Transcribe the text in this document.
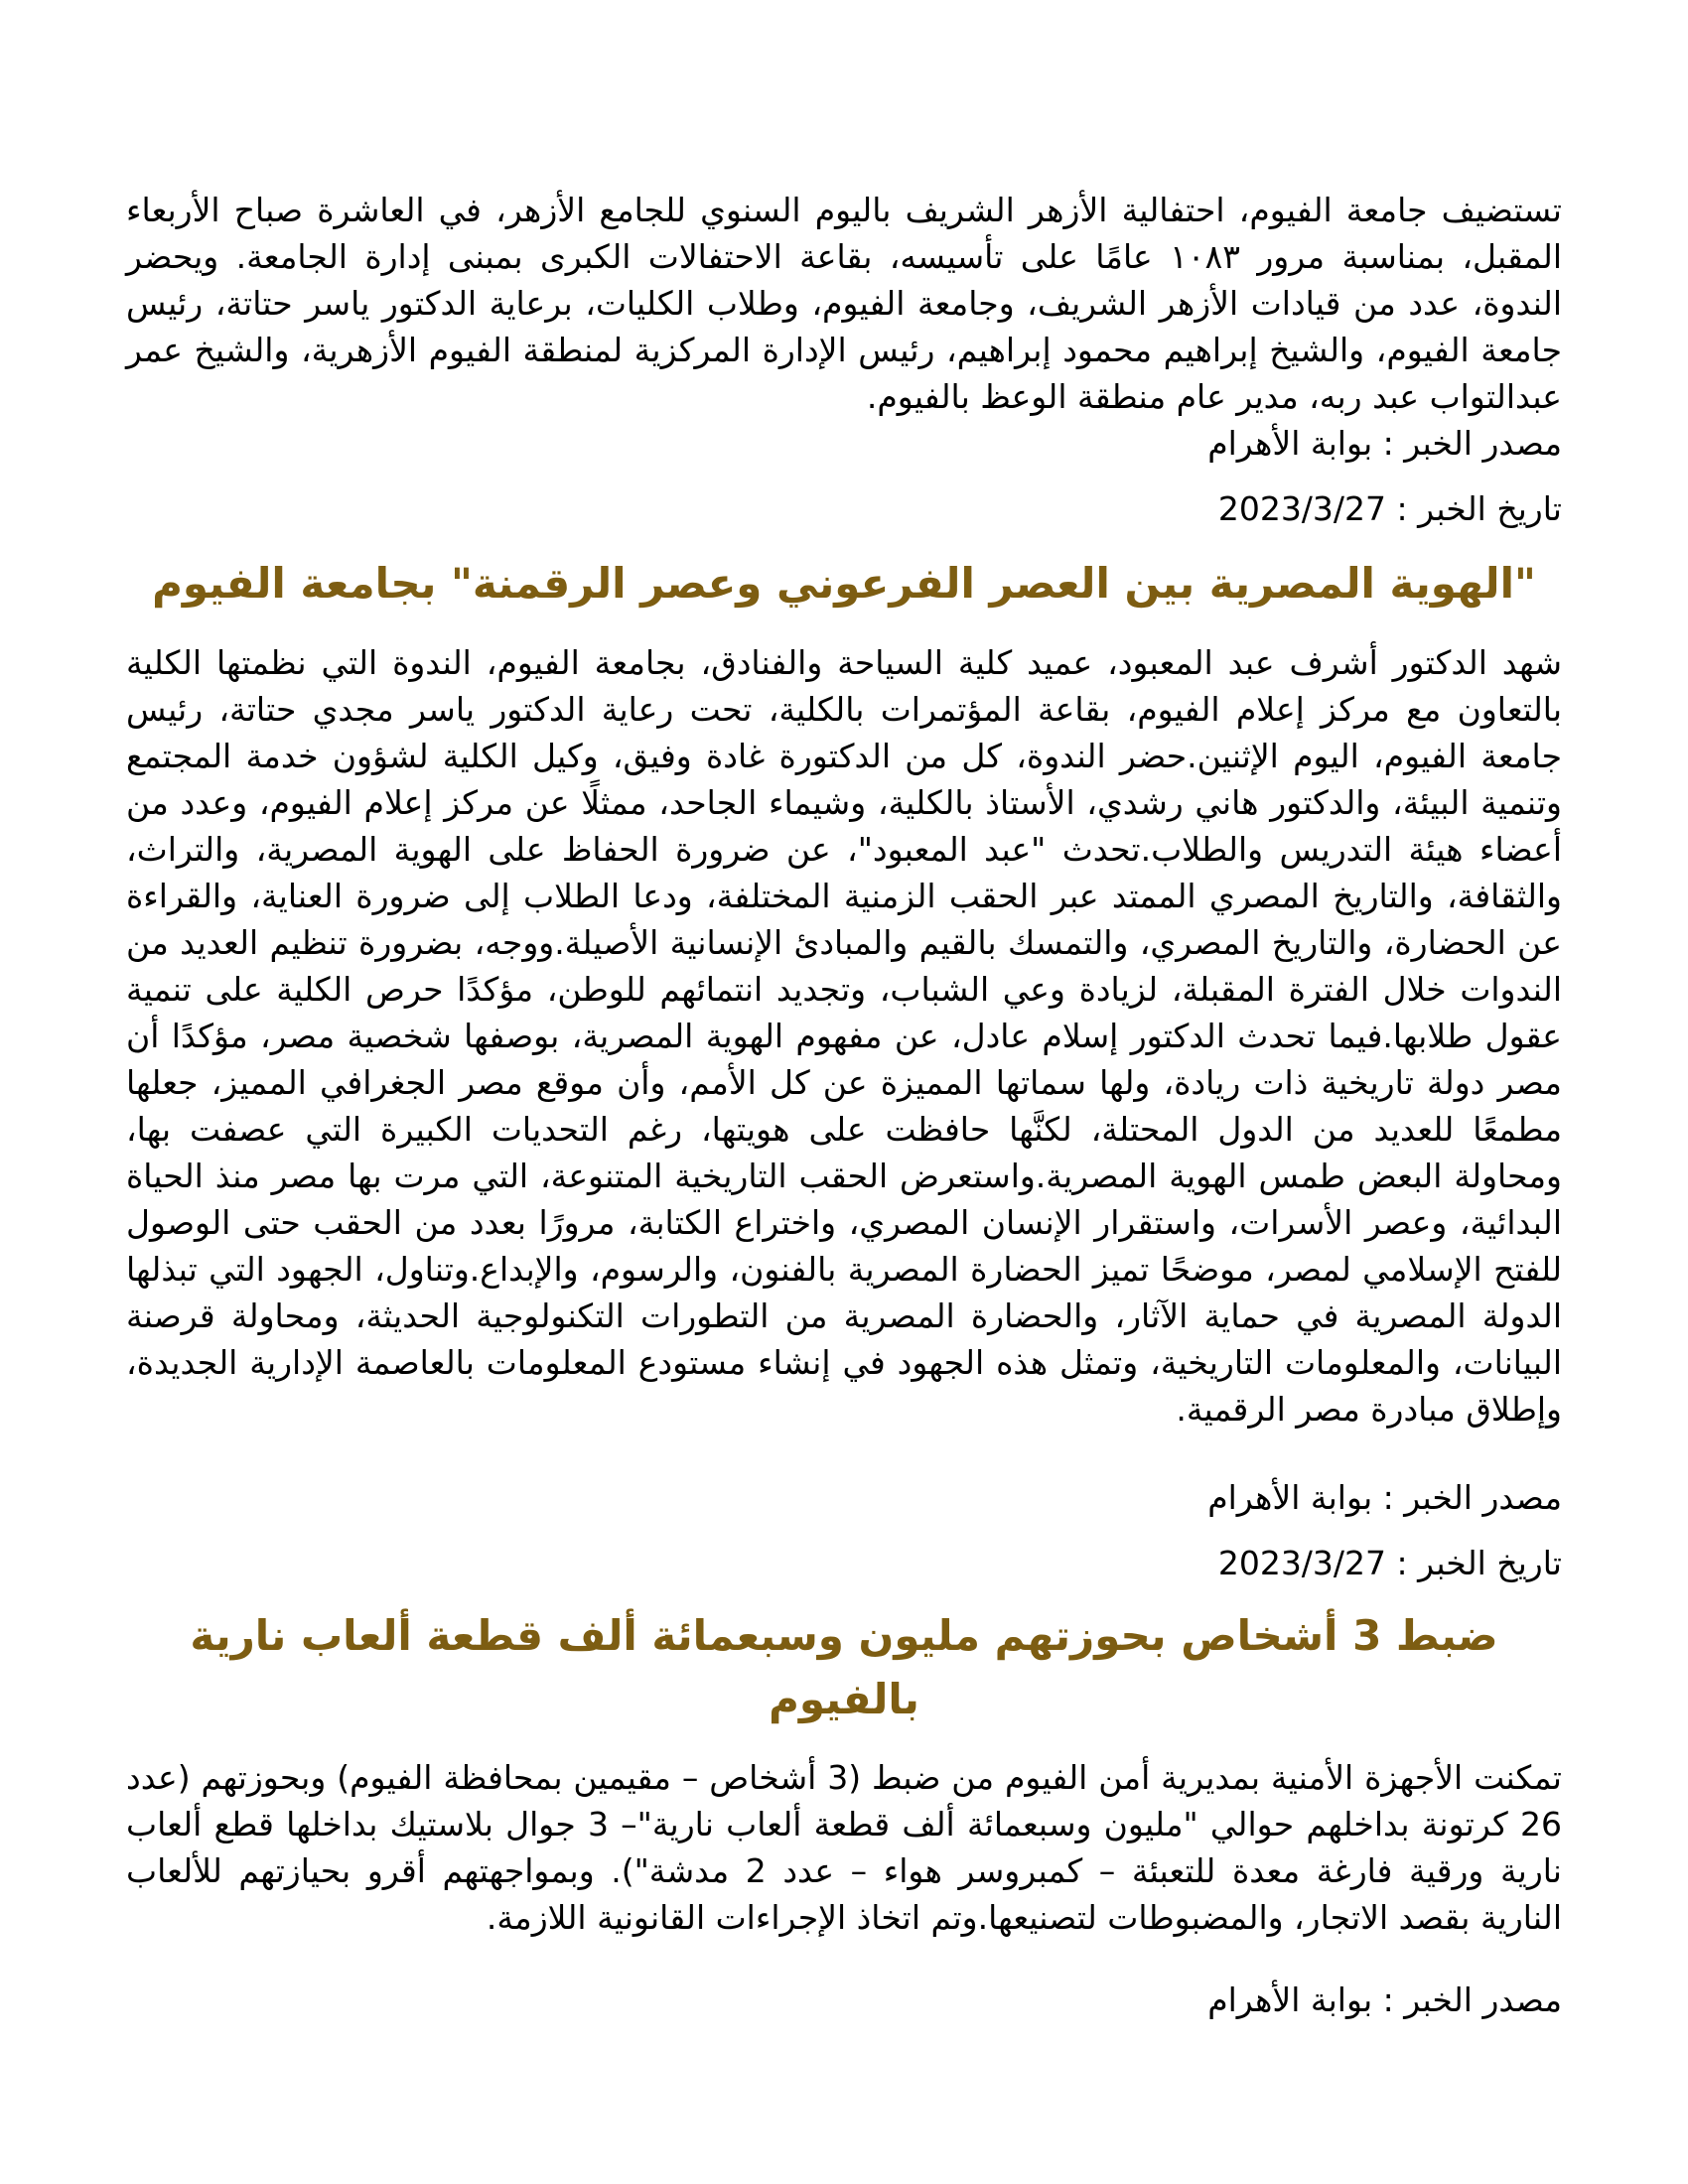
تستضيف جامعة الفيوم، احتفالية الأزهر الشريف باليوم السنوي للجامع الأزهر، في العاشرة صباح الأربعاء المقبل، بمناسبة مرور ١٠٨٣ عامًا على تأسيسه، بقاعة الاحتفالات الكبرى بمبنى إدارة الجامعة. ويحضر الندوة، عدد من قيادات الأزهر الشريف، وجامعة الفيوم، وطلاب الكليات، برعاية الدكتور ياسر حتاتة، رئيس جامعة الفيوم، والشيخ إبراهيم محمود إبراهيم، رئيس الإدارة المركزية لمنطقة الفيوم الأزهرية، والشيخ عمر عبدالتواب عبد ربه، مدير عام منطقة الوعظ بالفيوم.

مصدر الخبر : بوابة الأهرام

تاريخ الخبر : 2023/3/27

"الهوية المصرية بين العصر الفرعوني وعصر الرقمنة" بجامعة الفيوم

شهد الدكتور أشرف عبد المعبود، عميد كلية السياحة والفنادق، بجامعة الفيوم، الندوة التي نظمتها الكلية بالتعاون مع مركز إعلام الفيوم، بقاعة المؤتمرات بالكلية، تحت رعاية الدكتور ياسر مجدي حتاتة، رئيس جامعة الفيوم، اليوم الإثنين.حضر الندوة، كل من الدكتورة غادة وفيق، وكيل الكلية لشؤون خدمة المجتمع وتنمية البيئة، والدكتور هاني رشدي، الأستاذ بالكلية، وشيماء الجاحد، ممثلًا عن مركز إعلام الفيوم، وعدد من أعضاء هيئة التدريس والطلاب.تحدث "عبد المعبود"، عن ضرورة الحفاظ على الهوية المصرية، والتراث، والثقافة، والتاريخ المصري الممتد عبر الحقب الزمنية المختلفة، ودعا الطلاب إلى ضرورة العناية، والقراءة عن الحضارة، والتاريخ المصري، والتمسك بالقيم والمبادئ الإنسانية الأصيلة.ووجه، بضرورة تنظيم العديد من الندوات خلال الفترة المقبلة، لزيادة وعي الشباب، وتجديد انتمائهم للوطن، مؤكدًا حرص الكلية على تنمية عقول طلابها.فيما تحدث الدكتور إسلام عادل، عن مفهوم الهوية المصرية، بوصفها شخصية مصر، مؤكدًا أن مصر دولة تاريخية ذات ريادة، ولها سماتها المميزة عن كل الأمم، وأن موقع مصر الجغرافي المميز، جعلها مطمعًا للعديد من الدول المحتلة، لكنَّها حافظت على هويتها، رغم التحديات الكبيرة التي عصفت بها، ومحاولة البعض طمس الهوية المصرية.واستعرض الحقب التاريخية المتنوعة، التي مرت بها مصر منذ الحياة البدائية، وعصر الأسرات، واستقرار الإنسان المصري، واختراع الكتابة، مرورًا بعدد من الحقب حتى الوصول للفتح الإسلامي لمصر، موضحًا تميز الحضارة المصرية بالفنون، والرسوم، والإبداع.وتناول، الجهود التي تبذلها الدولة المصرية في حماية الآثار، والحضارة المصرية من التطورات التكنولوجية الحديثة، ومحاولة قرصنة البيانات، والمعلومات التاريخية، وتمثل هذه الجهود في إنشاء مستودع المعلومات بالعاصمة الإدارية الجديدة، وإطلاق مبادرة مصر الرقمية.

مصدر الخبر : بوابة الأهرام

تاريخ الخبر : 2023/3/27

ضبط 3 أشخاص بحوزتهم مليون وسبعمائة ألف قطعة ألعاب نارية بالفيوم

تمكنت الأجهزة الأمنية بمديرية أمن الفيوم من ضبط (3 أشخاص – مقيمين بمحافظة الفيوم) وبحوزتهم (عدد 26 كرتونة بداخلهم حوالي "مليون وسبعمائة ألف قطعة ألعاب نارية"– 3 جوال بلاستيك بداخلها قطع ألعاب نارية ورقية فارغة معدة للتعبئة – كمبروسر هواء – عدد 2 مدشة"). وبمواجهتهم أقرو بحيازتهم للألعاب النارية بقصد الاتجار، والمضبوطات لتصنيعها.وتم اتخاذ الإجراءات القانونية اللازمة.

مصدر الخبر : بوابة الأهرام
